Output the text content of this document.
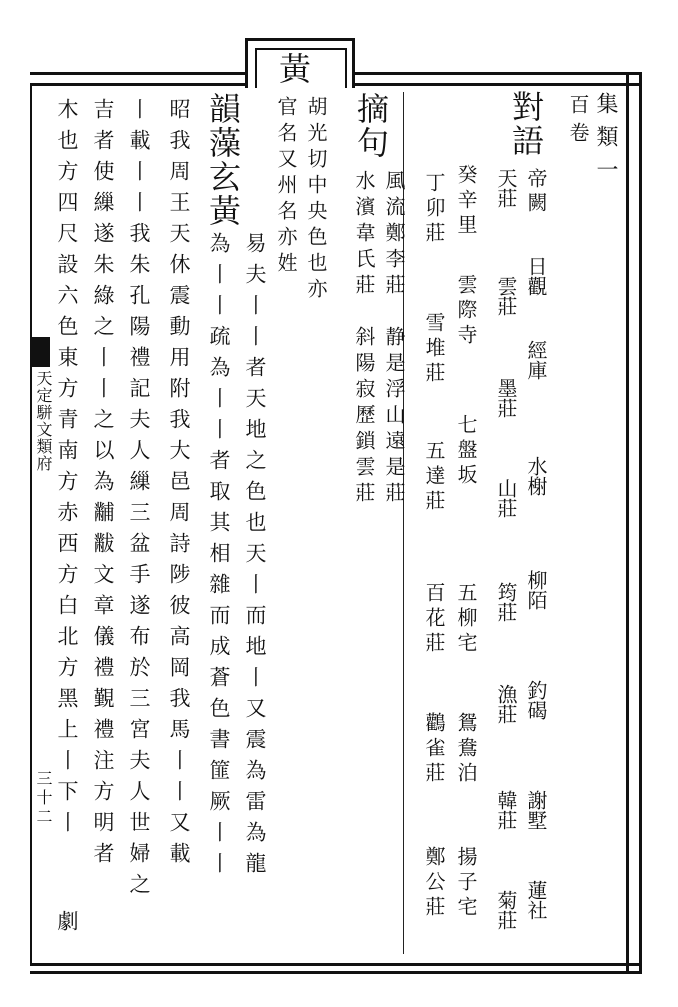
黃
集類一
百卷
對語
帝闕
日觀
經庫
水榭
柳陌
釣碣
謝墅
蓮社
天莊
雲莊
墨莊
山莊
筠莊
漁莊
韓莊
菊莊
癸辛里
雲際寺
七盤坂
五柳宅
鴛鴦泊
揚子宅
丁卯莊
雪堆莊
五達莊
百花莊
鸛雀莊
鄭公莊
摘句
風流鄭李莊　静是浮山遠是莊
水濱韋氏莊　斜陽寂歷鎖雲莊
胡光切中央色也亦
官名又州名亦姓
韻藻
玄黃
易夫丨丨者天地之色也天丨而地丨又震為雷為龍
為丨丨疏為丨丨者取其相雜而成蒼色書篚厥丨丨
昭我周王天休震動用附我大邑周詩陟彼高岡我馬丨丨又載
丨載丨丨我朱孔陽禮記夫人繅三盆手遂布於三宮夫人世婦之
吉者使繅遂朱綠之丨丨之以為黼黻文章儀禮覲禮注方明者
木也方四尺設六色東方青南方赤西方白北方黑上丨下丨
劇
天定駢文類府
三十二
